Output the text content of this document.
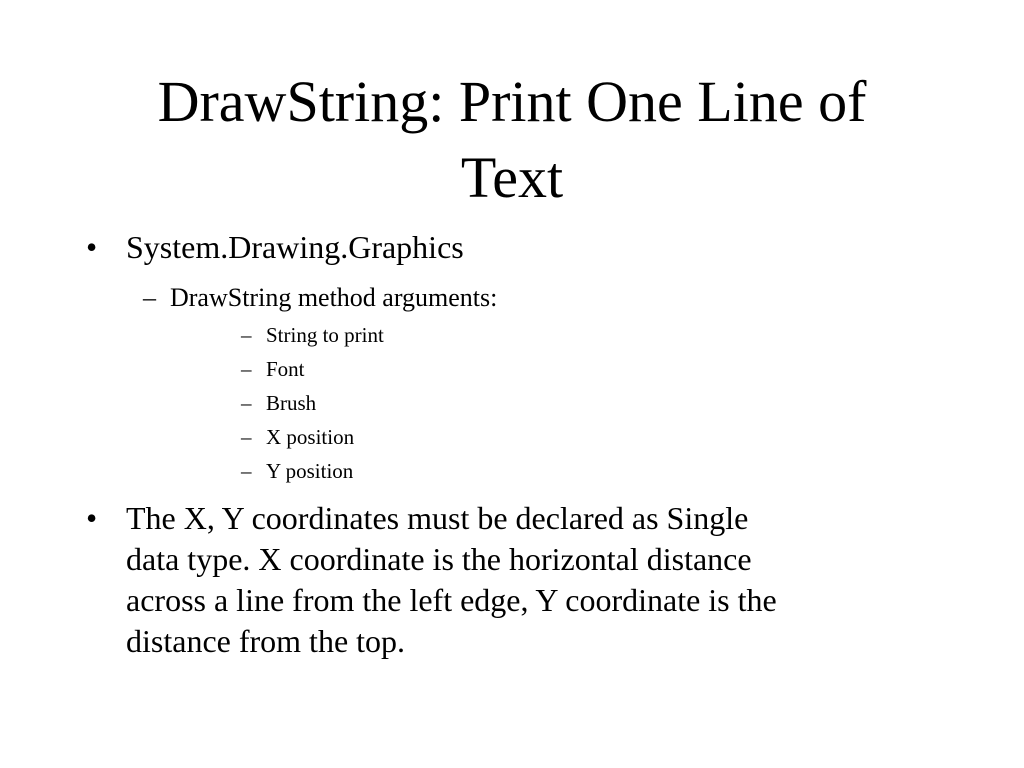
DrawString: Print One Line of
Text
• System.Drawing.Graphics
– DrawString method arguments:
– String to print
– Font
– Brush
– X position
– Y position
• The X, Y coordinates must be declared as Single
data type. X coordinate is the horizontal distance
across a line from the left edge, Y coordinate is the
distance from the top.
